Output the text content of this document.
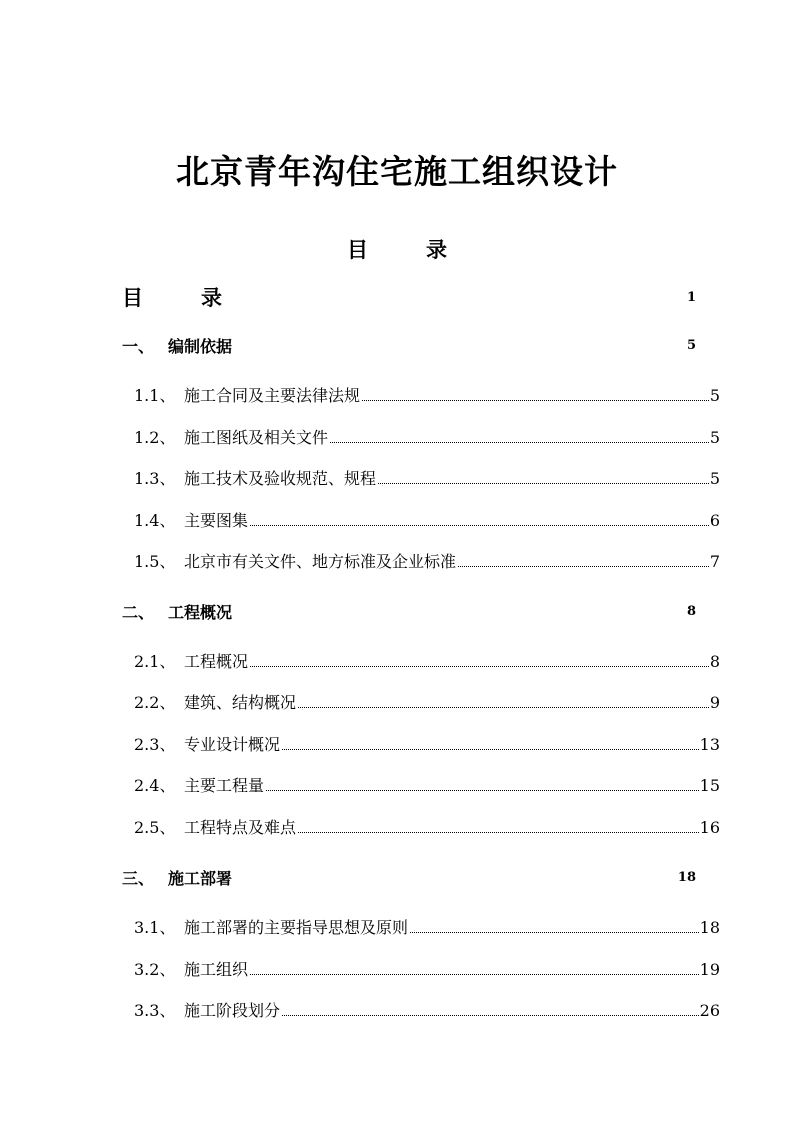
北京青年沟住宅施工组织设计
目	录
目	录	1
一、 编制依据	5
1.1、 施工合同及主要法律法规	5
1.2、 施工图纸及相关文件	5
1.3、 施工技术及验收规范、规程	5
1.4、 主要图集	6
1.5、 北京市有关文件、地方标准及企业标准	7
二、 工程概况	8
2.1、 工程概况	8
2.2、 建筑、结构概况	9
2.3、 专业设计概况	13
2.4、 主要工程量	15
2.5、 工程特点及难点	16
三、 施工部署	18
3.1、 施工部署的主要指导思想及原则	18
3.2、 施工组织	19
3.3、 施工阶段划分	26
